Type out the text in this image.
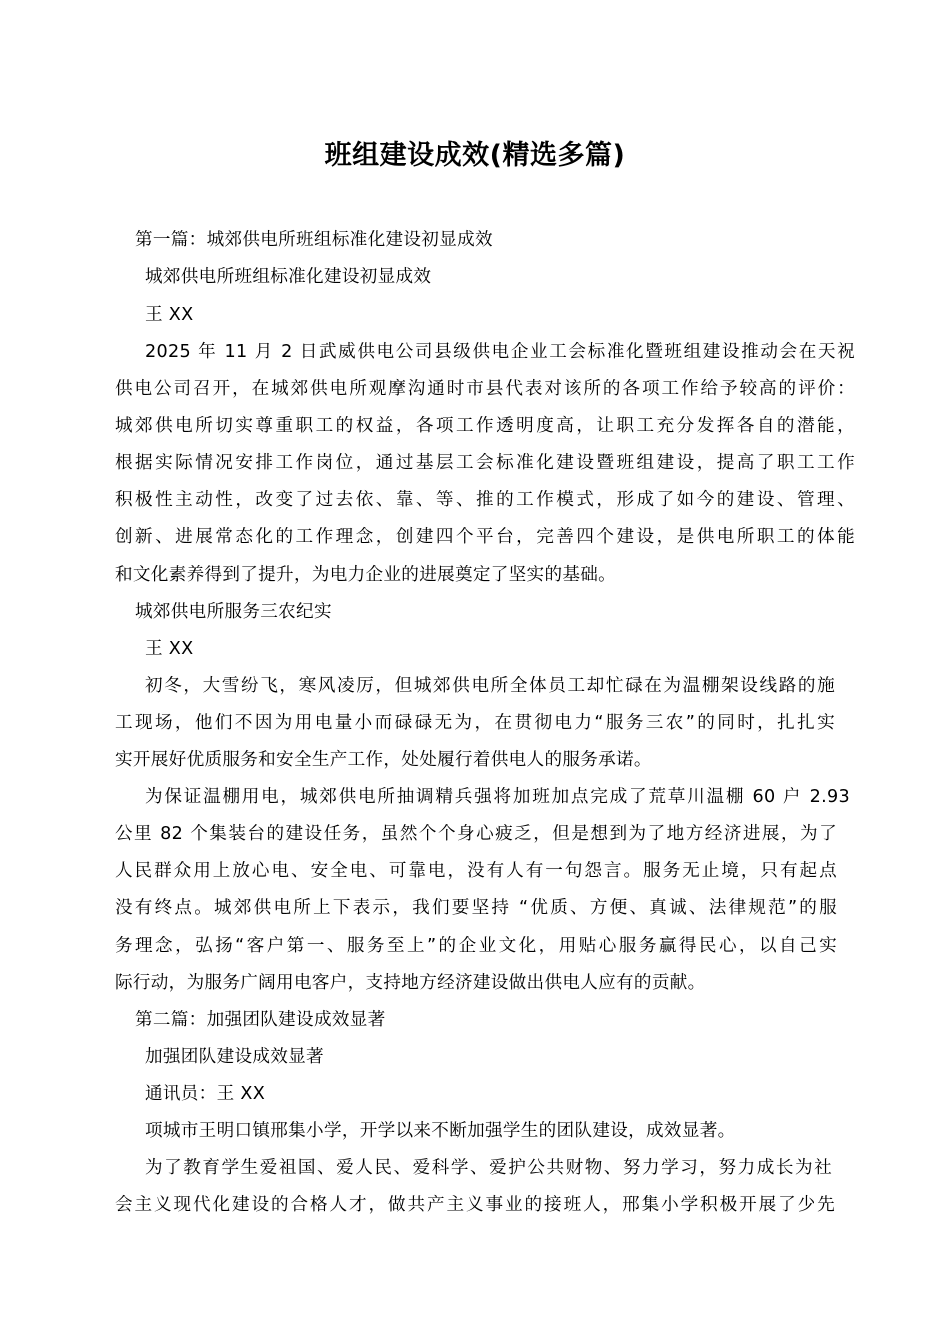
班组建设成效(精选多篇)
第一篇：城郊供电所班组标准化建设初显成效
城郊供电所班组标准化建设初显成效
王 XX
2025 年 11 月 2 日武威供电公司县级供电企业工会标准化暨班组建设推动会在天祝
供电公司召开，在城郊供电所观摩沟通时市县代表对该所的各项工作给予较高的评价：
城郊供电所切实尊重职工的权益，各项工作透明度高，让职工充分发挥各自的潜能，
根据实际情况安排工作岗位，通过基层工会标准化建设暨班组建设，提高了职工工作
积极性主动性，改变了过去依、靠、等、推的工作模式，形成了如今的建设、管理、
创新、进展常态化的工作理念，创建四个平台，完善四个建设，是供电所职工的体能
和文化素养得到了提升，为电力企业的进展奠定了坚实的基础。
城郊供电所服务三农纪实
王 XX
初冬，大雪纷飞，寒风凌厉，但城郊供电所全体员工却忙碌在为温棚架设线路的施
工现场，他们不因为用电量小而碌碌无为，在贯彻电力“服务三农”的同时，扎扎实
实开展好优质服务和安全生产工作，处处履行着供电人的服务承诺。
为保证温棚用电，城郊供电所抽调精兵强将加班加点完成了荒草川温棚 60 户 2.93
公里 82 个集装台的建设任务，虽然个个身心疲乏，但是想到为了地方经济进展，为了
人民群众用上放心电、安全电、可靠电，没有人有一句怨言。服务无止境，只有起点
没有终点。城郊供电所上下表示，我们要坚持 “优质、方便、真诚、法律规范”的服
务理念，弘扬“客户第一、服务至上”的企业文化，用贴心服务赢得民心，以自己实
际行动，为服务广阔用电客户，支持地方经济建设做出供电人应有的贡献。
第二篇：加强团队建设成效显著
加强团队建设成效显著
通讯员：王 XX
项城市王明口镇邢集小学，开学以来不断加强学生的团队建设，成效显著。
为了教育学生爱祖国、爱人民、爱科学、爱护公共财物、努力学习，努力成长为社
会主义现代化建设的合格人才，做共产主义事业的接班人，邢集小学积极开展了少先
